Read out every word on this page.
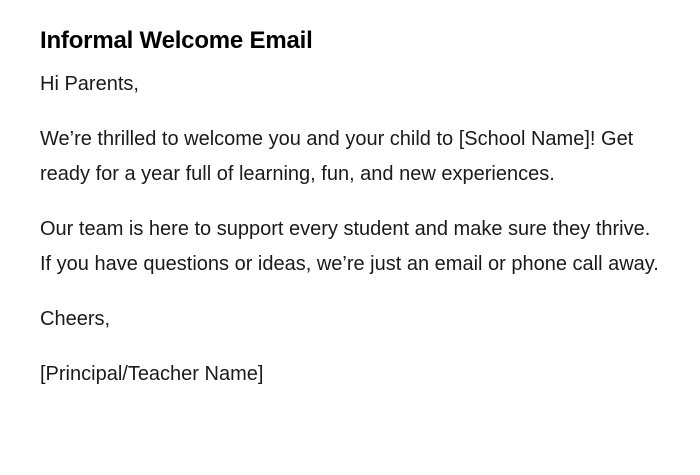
Informal Welcome Email

Hi Parents,

We’re thrilled to welcome you and your child to [School Name]! Get ready for a year full of learning, fun, and new experiences.

Our team is here to support every student and make sure they thrive. If you have questions or ideas, we’re just an email or phone call away.

Cheers,

[Principal/Teacher Name]
